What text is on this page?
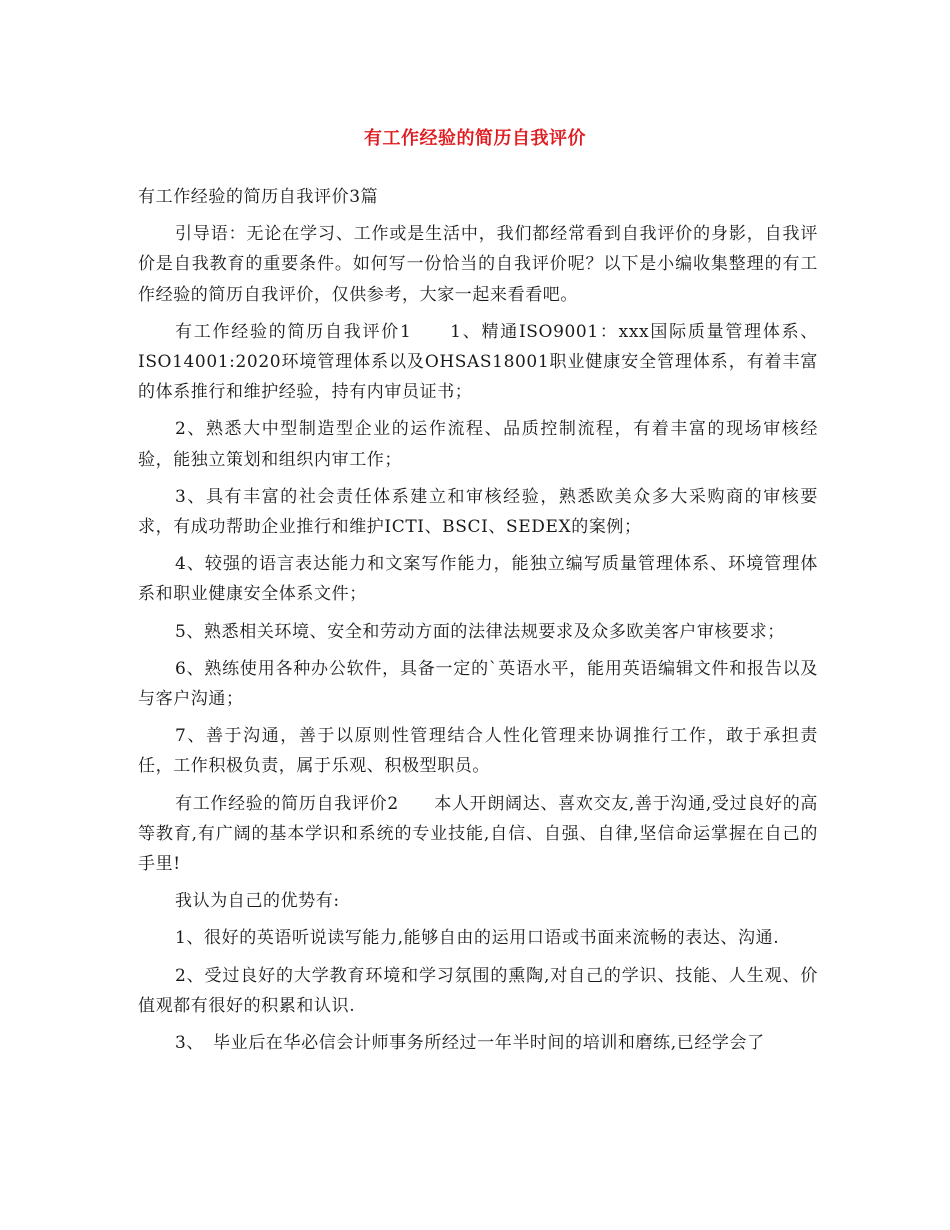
有工作经验的简历自我评价

有工作经验的简历自我评价3篇

引导语：无论在学习、工作或是生活中，我们都经常看到自我评价的身影，自我评价是自我教育的重要条件。如何写一份恰当的自我评价呢？以下是小编收集整理的有工作经验的简历自我评价，仅供参考，大家一起来看看吧。

有工作经验的简历自我评价1　　1、精通ISO9001：xxx国际质量管理体系、ISO14001:2020环境管理体系以及OHSAS18001职业健康安全管理体系，有着丰富的体系推行和维护经验，持有内审员证书；

2、熟悉大中型制造型企业的运作流程、品质控制流程，有着丰富的现场审核经验，能独立策划和组织内审工作；

3、具有丰富的社会责任体系建立和审核经验，熟悉欧美众多大采购商的审核要求，有成功帮助企业推行和维护ICTI、BSCI、SEDEX的案例；

4、较强的语言表达能力和文案写作能力，能独立编写质量管理体系、环境管理体系和职业健康安全体系文件；

5、熟悉相关环境、安全和劳动方面的法律法规要求及众多欧美客户审核要求；

6、熟练使用各种办公软件，具备一定的`英语水平，能用英语编辑文件和报告以及与客户沟通；

7、善于沟通，善于以原则性管理结合人性化管理来协调推行工作，敢于承担责任，工作积极负责，属于乐观、积极型职员。

有工作经验的简历自我评价2　　本人开朗阔达、喜欢交友,善于沟通,受过良好的高等教育,有广阔的基本学识和系统的专业技能,自信、自强、自律,坚信命运掌握在自己的手里!

我认为自己的优势有:

1、很好的英语听说读写能力,能够自由的运用口语或书面来流畅的表达、沟通.

2、受过良好的大学教育环境和学习氛围的熏陶,对自己的学识、技能、人生观、价值观都有很好的积累和认识.

3、　毕业后在华必信会计师事务所经过一年半时间的培训和磨练,已经学会了
